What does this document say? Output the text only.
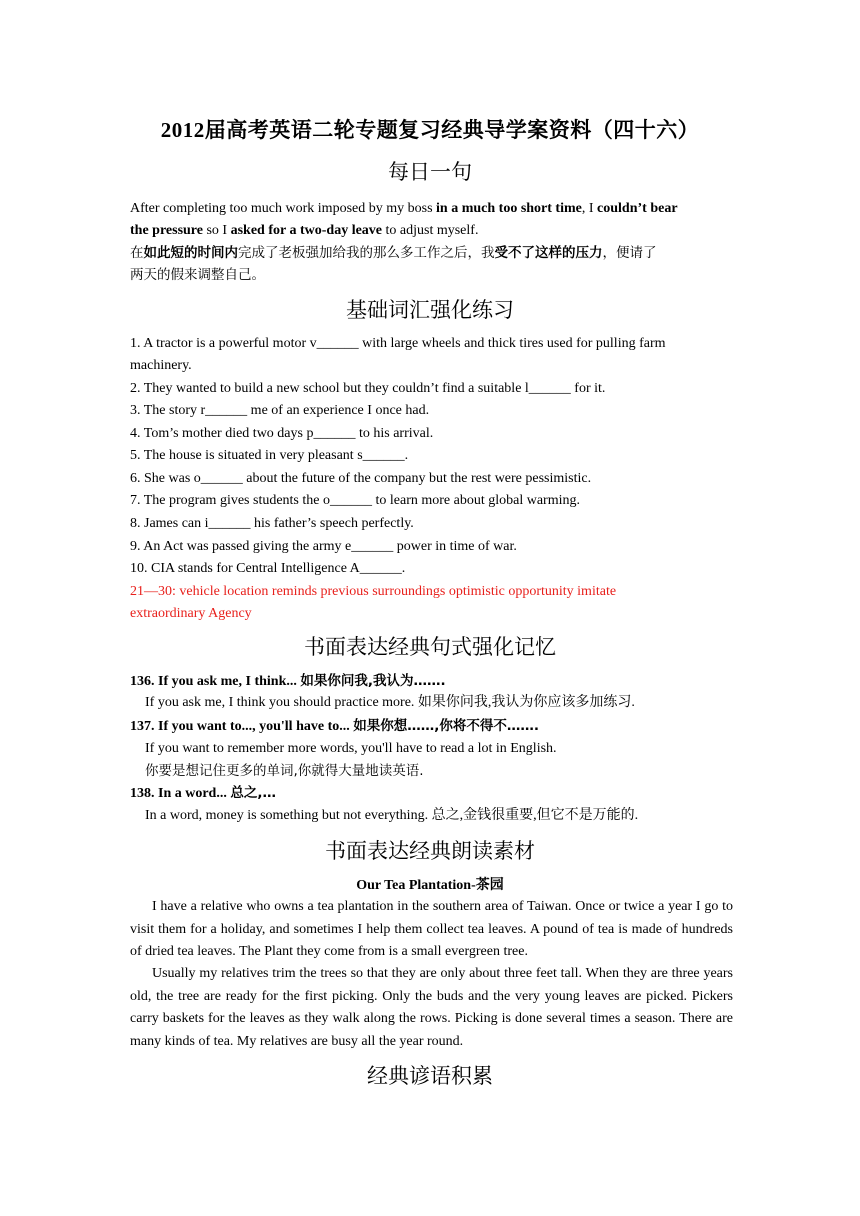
2012届高考英语二轮专题复习经典导学案资料（四十六）
每日一句
After completing too much work imposed by my boss in a much too short time, I couldn’t bear
the pressure so I asked for a two-day leave to adjust myself.
在如此短的时间内完成了老板强加给我的那么多工作之后，我受不了这样的压力，便请了
两天的假来调整自己。
基础词汇强化练习
1. A tractor is a powerful motor v______ with large wheels and thick tires used for pulling farm
machinery.
2. They wanted to build a new school but they couldn’t find a suitable l______ for it.
3. The story r______ me of an experience I once had.
4. Tom’s mother died two days p______ to his arrival.
5. The house is situated in very pleasant s______.
6. She was o______ about the future of the company but the rest were pessimistic.
7. The program gives students the o______ to learn more about global warming.
8. James can i______ his father’s speech perfectly.
9. An Act was passed giving the army e______ power in time of war.
10. CIA stands for Central Intelligence A______.
21—30: vehicle location reminds previous surroundings optimistic opportunity imitate
extraordinary Agency
书面表达经典句式强化记忆
136. If you ask me, I think... 如果你问我,我认为…….
If you ask me, I think you should practice more. 如果你问我,我认为你应该多加练习.
137. If you want to..., you'll have to... 如果你想……,你将不得不…….
If you want to remember more words, you'll have to read a lot in English.
你要是想记住更多的单词,你就得大量地读英语.
138. In a word... 总之,…
In a word, money is something but not everything. 总之,金钱很重要,但它不是万能的.
书面表达经典朗读素材
Our Tea Plantation-茶园
I have a relative who owns a tea plantation in the southern area of Taiwan. Once or twice a year I go to visit them for a holiday, and sometimes I help them collect tea leaves. A pound of tea is made of hundreds of dried tea leaves. The Plant they come from is a small evergreen tree.
Usually my relatives trim the trees so that they are only about three feet tall. When they are three years old, the tree are ready for the first picking. Only the buds and the very young leaves are picked. Pickers carry baskets for the leaves as they walk along the rows. Picking is done several times a season. There are many kinds of tea. My relatives are busy all the year round.
经典谚语积累
